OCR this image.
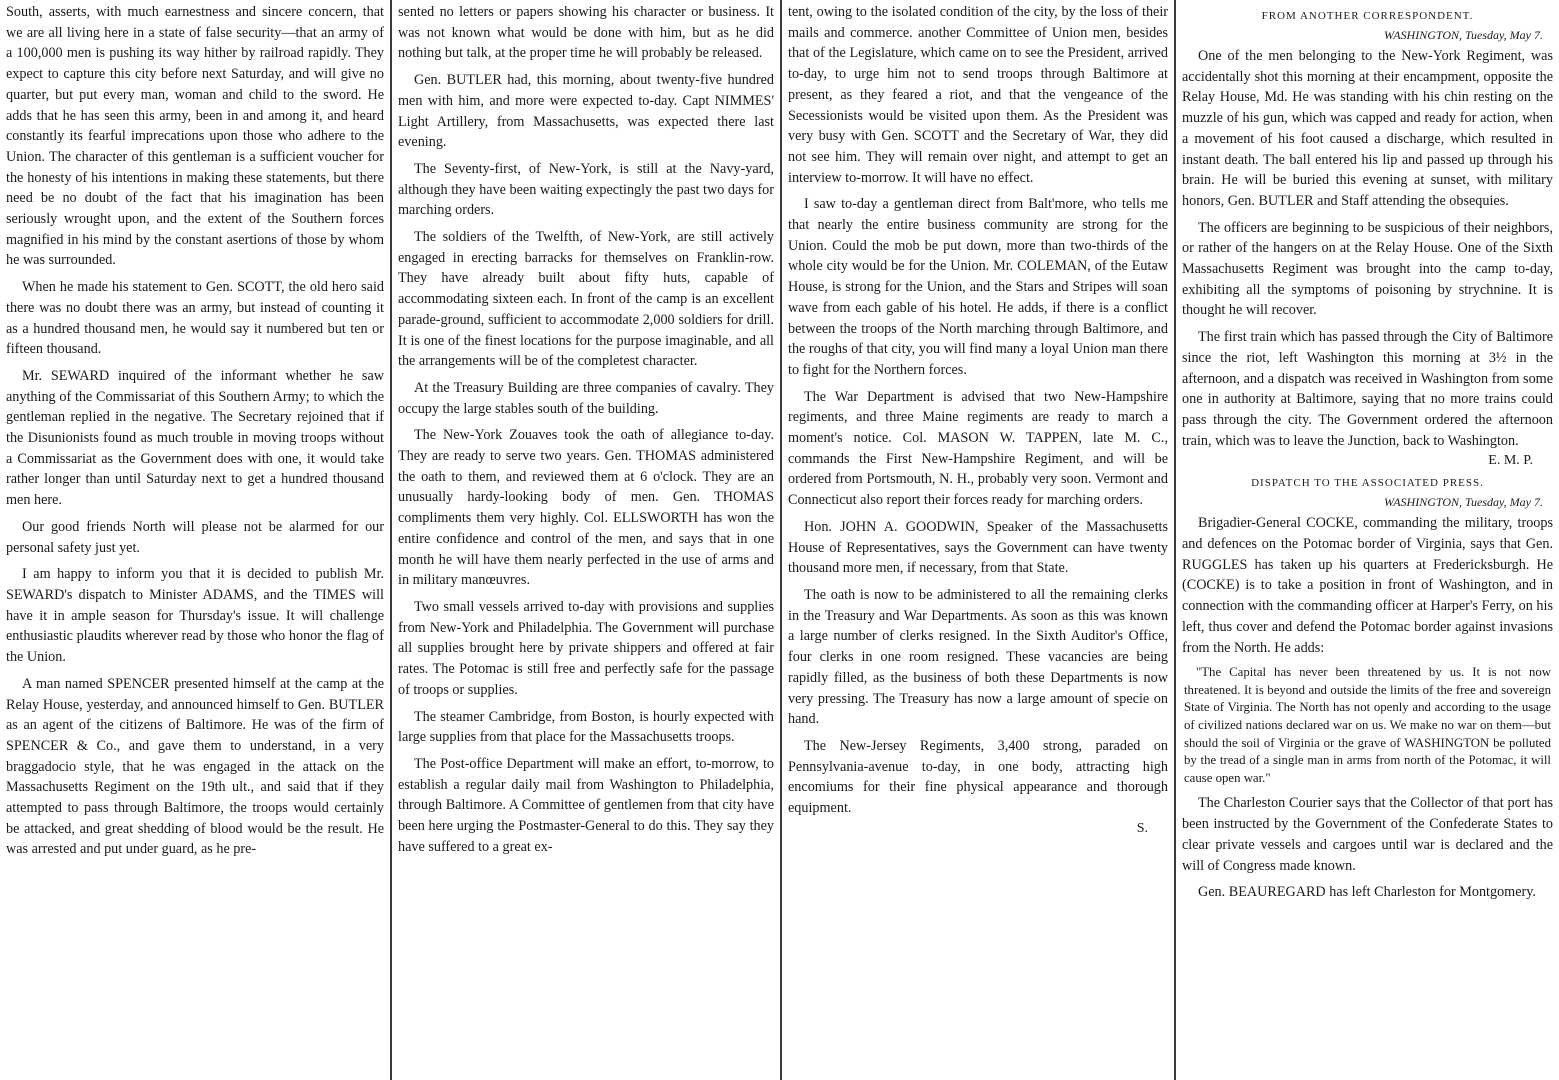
South, asserts, with much earnestness and sincere concern, that we are all living here in a state of false security—that an army of a 100,000 men is pushing its way hither by railroad rapidly. They expect to capture this city before next Saturday, and will give no quarter, but put every man, woman and child to the sword. He adds that he has seen this army, been in and among it, and heard constantly its fearful imprecations upon those who adhere to the Union. The character of this gentleman is a sufficient voucher for the honesty of his intentions in making these statements, but there need be no doubt of the fact that his imagination has been seriously wrought upon, and the extent of the Southern forces magnified in his mind by the constant asertions of those by whom he was surrounded.

When he made his statement to Gen. SCOTT, the old hero said there was no doubt there was an army, but instead of counting it as a hundred thousand men, he would say it numbered but ten or fifteen thousand.

Mr. SEWARD inquired of the informant whether he saw anything of the Commissariat of this Southern Army; to which the gentleman replied in the negative. The Secretary rejoined that if the Disunionists found as much trouble in moving troops without a Commissariat as the Government does with one, it would take rather longer than until Saturday next to get a hundred thousand men here.

Our good friends North will please not be alarmed for our personal safety just yet.

I am happy to inform you that it is decided to publish Mr. SEWARD's dispatch to Minister ADAMS, and the TIMES will have it in ample season for Thursday's issue. It will challenge enthusiastic plaudits wherever read by those who honor the flag of the Union.

A man named SPENCER presented himself at the camp at the Relay House, yesterday, and announced himself to Gen. BUTLER as an agent of the citizens of Baltimore. He was of the firm of SPENCER & Co., and gave them to understand, in a very braggadocio style, that he was engaged in the attack on the Massachusetts Regiment on the 19th ult., and said that if they attempted to pass through Baltimore, the troops would certainly be attacked, and great shedding of blood would be the result. He was arrested and put under guard, as he pre-

sented no letters or papers showing his character or business. It was not known what would be done with him, but as he did nothing but talk, at the proper time he will probably be released.

Gen. BUTLER had, this morning, about twenty-five hundred men with him, and more were expected to-day. Capt NIMMES' Light Artillery, from Massachusetts, was expected there last evening.

The Seventy-first, of New-York, is still at the Navy-yard, although they have been waiting expectingly the past two days for marching orders.

The soldiers of the Twelfth, of New-York, are still actively engaged in erecting barracks for themselves on Franklin-row. They have already built about fifty huts, capable of accommodating sixteen each. In front of the camp is an excellent parade-ground, sufficient to accommodate 2,000 soldiers for drill. It is one of the finest locations for the purpose imaginable, and all the arrangements will be of the completest character.

At the Treasury Building are three companies of cavalry. They occupy the large stables south of the building.

The New-York Zouaves took the oath of allegiance to-day. They are ready to serve two years. Gen. THOMAS administered the oath to them, and reviewed them at 6 o'clock. They are an unusually hardy-looking body of men. Gen. THOMAS compliments them very highly. Col. ELLSWORTH has won the entire confidence and control of the men, and says that in one month he will have them nearly perfected in the use of arms and in military manœuvres.

Two small vessels arrived to-day with provisions and supplies from New-York and Philadelphia. The Government will purchase all supplies brought here by private shippers and offered at fair rates. The Potomac is still free and perfectly safe for the passage of troops or supplies.

The steamer Cambridge, from Boston, is hourly expected with large supplies from that place for the Massachusetts troops.

The Post-office Department will make an effort, to-morrow, to establish a regular daily mail from Washington to Philadelphia, through Baltimore. A Committee of gentlemen from that city have been here urging the Postmaster-General to do this. They say they have suffered to a great ex-

tent, owing to the isolated condition of the city, by the loss of their mails and commerce. another Committee of Union men, besides that of the Legislature, which came on to see the President, arrived to-day, to urge him not to send troops through Baltimore at present, as they feared a riot, and that the vengeance of the Secessionists would be visited upon them. As the President was very busy with Gen. SCOTT and the Secretary of War, they did not see him. They will remain over night, and attempt to get an interview to-morrow. It will have no effect.

I saw to-day a gentleman direct from Balt'more, who tells me that nearly the entire business community are strong for the Union. Could the mob be put down, more than two-thirds of the whole city would be for the Union. Mr. COLEMAN, of the Eutaw House, is strong for the Union, and the Stars and Stripes will soan wave from each gable of his hotel. He adds, if there is a conflict between the troops of the North marching through Baltimore, and the roughs of that city, you will find many a loyal Union man there to fight for the Northern forces.

The War Department is advised that two New-Hampshire regiments, and three Maine regiments are ready to march a moment's notice. Col. MASON W. TAPPEN, late M. C., commands the First New-Hampshire Regiment, and will be ordered from Portsmouth, N. H., probably very soon. Vermont and Connecticut also report their forces ready for marching orders.

Hon. JOHN A. GOODWIN, Speaker of the Massachusetts House of Representatives, says the Government can have twenty thousand more men, if necessary, from that State.

The oath is now to be administered to all the remaining clerks in the Treasury and War Departments. As soon as this was known a large number of clerks resigned. In the Sixth Auditor's Office, four clerks in one room resigned. These vacancies are being rapidly filled, as the business of both these Departments is now very pressing. The Treasury has now a large amount of specie on hand.

The New-Jersey Regiments, 3,400 strong, paraded on Pennsylvania-avenue to-day, in one body, attracting high encomiums for their fine physical appearance and thorough equipment.

S.
FROM ANOTHER CORRESPONDENT.
WASHINGTON, Tuesday, May 7.

One of the men belonging to the New-York Regiment, was accidentally shot this morning at their encampment, opposite the Relay House, Md. He was standing with his chin resting on the muzzle of his gun, which was capped and ready for action, when a movement of his foot caused a discharge, which resulted in instant death. The ball entered his lip and passed up through his brain. He will be buried this evening at sunset, with military honors, Gen. BUTLER and Staff attending the obsequies.

The officers are beginning to be suspicious of their neighbors, or rather of the hangers on at the Relay House. One of the Sixth Massachusetts Regiment was brought into the camp to-day, exhibiting all the symptoms of poisoning by strychnine. It is thought he will recover.

The first train which has passed through the City of Baltimore since the riot, left Washington this morning at 3½ in the afternoon, and a dispatch was received in Washington from some one in authority at Baltimore, saying that no more trains could pass through the city. The Government ordered the afternoon train, which was to leave the Junction, back to Washington.

E. M. P.
DISPATCH TO THE ASSOCIATED PRESS.
WASHINGTON, Tuesday, May 7.

Brigadier-General COCKE, commanding the military, troops and defences on the Potomac border of Virginia, says that Gen. RUGGLES has taken up his quarters at Fredericksburgh. He (COCKE) is to take a position in front of Washington, and in connection with the commanding officer at Harper's Ferry, on his left, thus cover and defend the Potomac border against invasions from the North. He adds:

"The Capital has never been threatened by us. It is not now threatened. It is beyond and outside the limits of the free and sovereign State of Virginia. The North has not openly and according to the usage of civilized nations declared war on us. We make no war on them—but should the soil of Virginia or the grave of WASHINGTON be polluted by the tread of a single man in arms from north of the Potomac, it will cause open war."

The Charleston Courier says that the Collector of that port has been instructed by the Government of the Confederate States to clear private vessels and cargoes until war is declared and the will of Congress made known.

Gen. BEAUREGARD has left Charleston for Montgomery.
